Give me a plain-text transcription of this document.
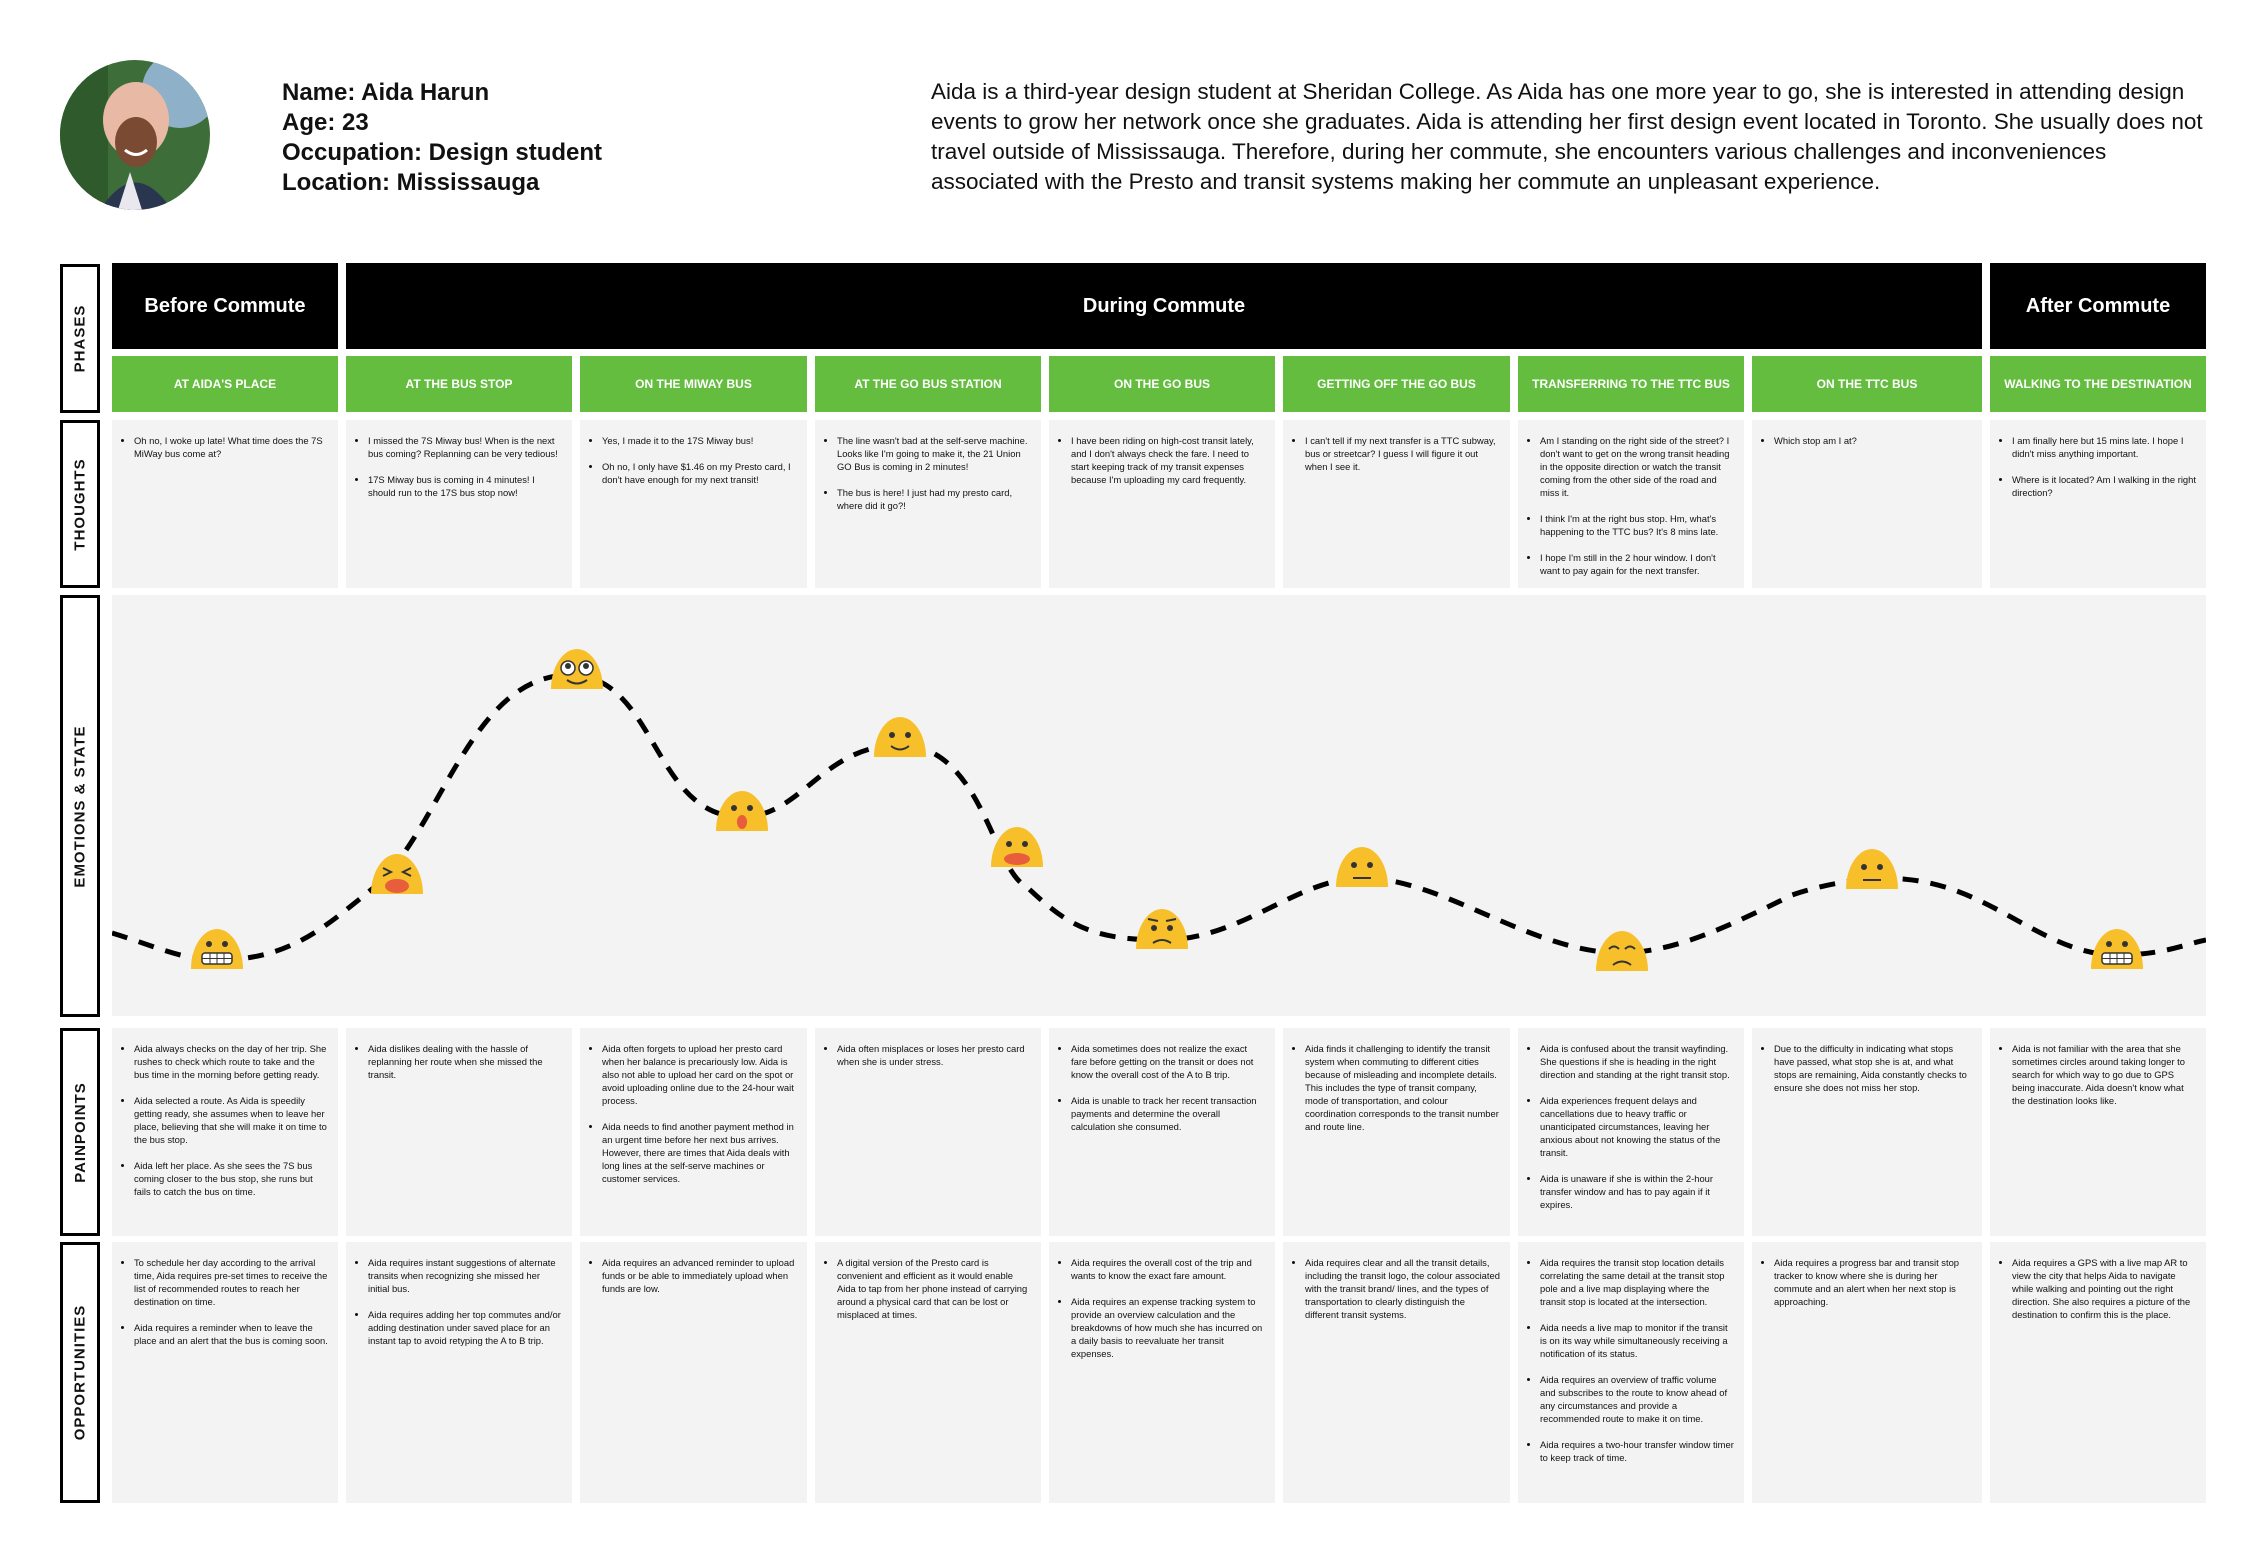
Name: Aida Harun
Age: 23
Occupation: Design student
Location: Mississauga
Aida is a third-year design student at Sheridan College. As Aida has one more year to go, she is interested in attending design events to grow her network once she graduates. Aida is attending her first design event located in Toronto. She usually does not travel outside of Mississauga. Therefore, during her commute, she encounters various challenges and inconveniences associated with the Presto and transit systems making her commute an unpleasant experience.
PHASES
THOUGHTS
EMOTIONS & STATE
PAINPOINTS
OPPORTUNITIES
Before Commute	During Commute	After Commute
AT AIDA'S PLACE	AT THE BUS STOP	ON THE MIWAY BUS	AT THE GO BUS STATION	ON THE GO BUS	GETTING OFF THE GO BUS	TRANSFERRING TO THE TTC BUS	ON THE TTC BUS	WALKING TO THE DESTINATION
• Oh no, I woke up late! What time does the 7S MiWay bus come at?
• I missed the 7S Miway bus! When is the next bus coming? Replanning can be very tedious!
• 17S Miway bus is coming in 4 minutes! I should run to the 17S bus stop now!
• Yes, I made it to the 17S Miway bus!
• Oh no, I only have $1.46 on my Presto card, I don't have enough for my next transit!
• The line wasn't bad at the self-serve machine. Looks like I'm going to make it, the 21 Union GO Bus is coming in 2 minutes!
• The bus is here! I just had my presto card, where did it go?!
• I have been riding on high-cost transit lately, and I don't always check the fare. I need to start keeping track of my transit expenses because I'm uploading my card frequently.
• I can't tell if my next transfer is a TTC subway, bus or streetcar? I guess I will figure it out when I see it.
• Am I standing on the right side of the street? I don't want to get on the wrong transit heading in the opposite direction or watch the transit coming from the other side of the road and miss it.
• I think I'm at the right bus stop. Hm, what's happening to the TTC bus? It's 8 mins late.
• I hope I'm still in the 2 hour window. I don't want to pay again for the next transfer.
• Which stop am I at?
•	I am finally here but 15 mins late. I hope I didn't miss anything important.
• Where is it located? Am I walking in the right direction?
• Aida always checks on the day of her trip. She rushes to check which route to take and the bus time in the morning before getting ready.
• Aida selected a route. As Aida is speedily getting ready, she assumes when to leave her place, believing that she will make it on time to the bus stop.
• Aida left her place. As she sees the 7S bus coming closer to the bus stop, she runs but fails to catch the bus on time.
• Aida dislikes dealing with the hassle of replanning her route when she missed the transit.
• Aida often forgets to upload her presto card when her balance is precariously low. Aida is also not able to upload her card on the spot or avoid uploading online due to the 24-hour wait process.
• Aida needs to find another payment method in an urgent time before her next bus arrives. However, there are times that Aida deals with long lines at the self-serve machines or customer services.
• Aida often misplaces or loses her presto card when she is under stress.
• Aida sometimes does not realize the exact fare before getting on the transit or does not know the overall cost of the A to B trip.
• Aida is unable to track her recent transaction payments and determine the overall calculation she consumed.
• Aida finds it challenging to identify the transit system when commuting to different cities because of misleading and incomplete details. This includes the type of transit company, mode of transportation, and colour coordination corresponds to the transit number and route line.
• Aida is confused about the transit wayfinding. She questions if she is heading in the right direction and standing at the right transit stop.
• Aida experiences frequent delays and cancellations due to heavy traffic or unanticipated circumstances, leaving her anxious about not knowing the status of the transit.
• Aida is unaware if she is within the 2-hour transfer window and has to pay again if it expires.
• Due to the difficulty in indicating what stops have passed, what stop she is at, and what stops are remaining, Aida constantly checks to ensure she does not miss her stop.
• Aida is not familiar with the area that she sometimes circles around taking longer to search for which way to go due to GPS being inaccurate. Aida doesn't know what the destination looks like.
• To schedule her day according to the arrival time, Aida requires pre-set times to receive the list of recommended routes to reach her destination on time.
• Aida requires a reminder when to leave the place and an alert that the bus is coming soon.
• Aida requires instant suggestions of alternate transits when recognizing she missed her initial bus.
• Aida requires adding her top commutes and/or adding destination under saved place for an instant tap to avoid retyping the A to B trip.
• Aida requires an advanced reminder to upload funds or be able to immediately upload when funds are low.
• A digital version of the Presto card is convenient and efficient as it would enable Aida to tap from her phone instead of carrying around a physical card that can be lost or misplaced at times.
• Aida requires the overall cost of the trip and wants to know the exact fare amount.
• Aida requires an expense tracking system to provide an overview calculation and the breakdowns of how much she has incurred on a daily basis to reevaluate her transit expenses.
• Aida requires clear and all the transit details, including the transit logo, the colour associated with the transit brand/ lines, and the types of transportation to clearly distinguish the different transit systems.
• Aida requires the transit stop location details correlating the same detail at the transit stop pole and a live map displaying where the transit stop is located at the intersection.
• Aida needs a live map to monitor if the transit is on its way while simultaneously receiving a notification of its status.
• Aida requires an overview of traffic volume and subscribes to the route to know ahead of any circumstances and provide a recommended route to make it on time.
• Aida requires a two-hour transfer window timer to keep track of time.
• Aida requires a progress bar and transit stop tracker to know where she is during her commute and an alert when her next stop is approaching.
• Aida requires a GPS with a live map AR to view the city that helps Aida to navigate while walking and pointing out the right direction. She also requires a picture of the destination to confirm this is the place.
